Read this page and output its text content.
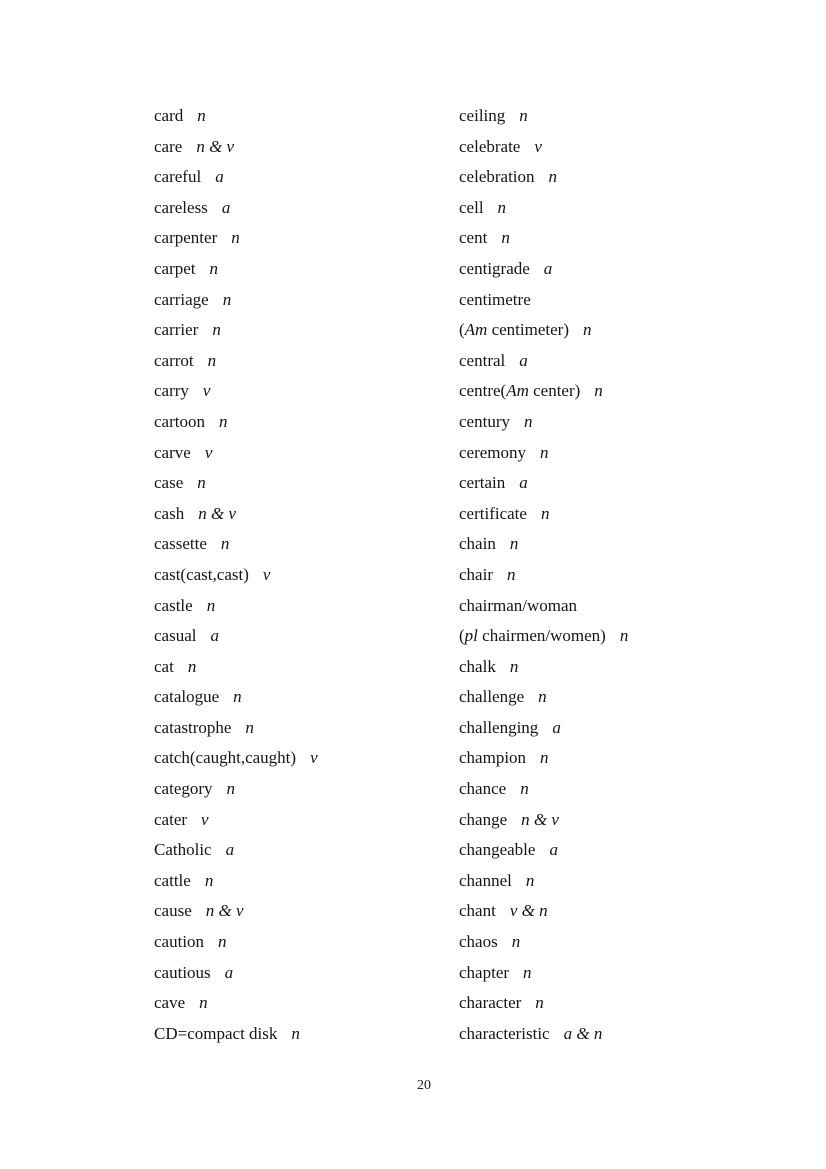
card n
care n & v
careful a
careless a
carpenter n
carpet n
carriage n
carrier n
carrot n
carry v
cartoon n
carve v
case n
cash n & v
cassette n
cast(cast,cast) v
castle n
casual a
cat n
catalogue n
catastrophe n
catch(caught,caught) v
category n
cater v
Catholic a
cattle n
cause n & v
caution n
cautious a
cave n
CD=compact disk n
ceiling n
celebrate v
celebration n
cell n
cent n
centigrade a
centimetre
(Am centimeter) n
central a
centre(Am center) n
century n
ceremony n
certain a
certificate n
chain n
chair n
chairman/woman
(pl chairmen/women) n
chalk n
challenge n
challenging a
champion n
chance n
change n & v
changeable a
channel n
chant v & n
chaos n
chapter n
character n
characteristic a & n
20
